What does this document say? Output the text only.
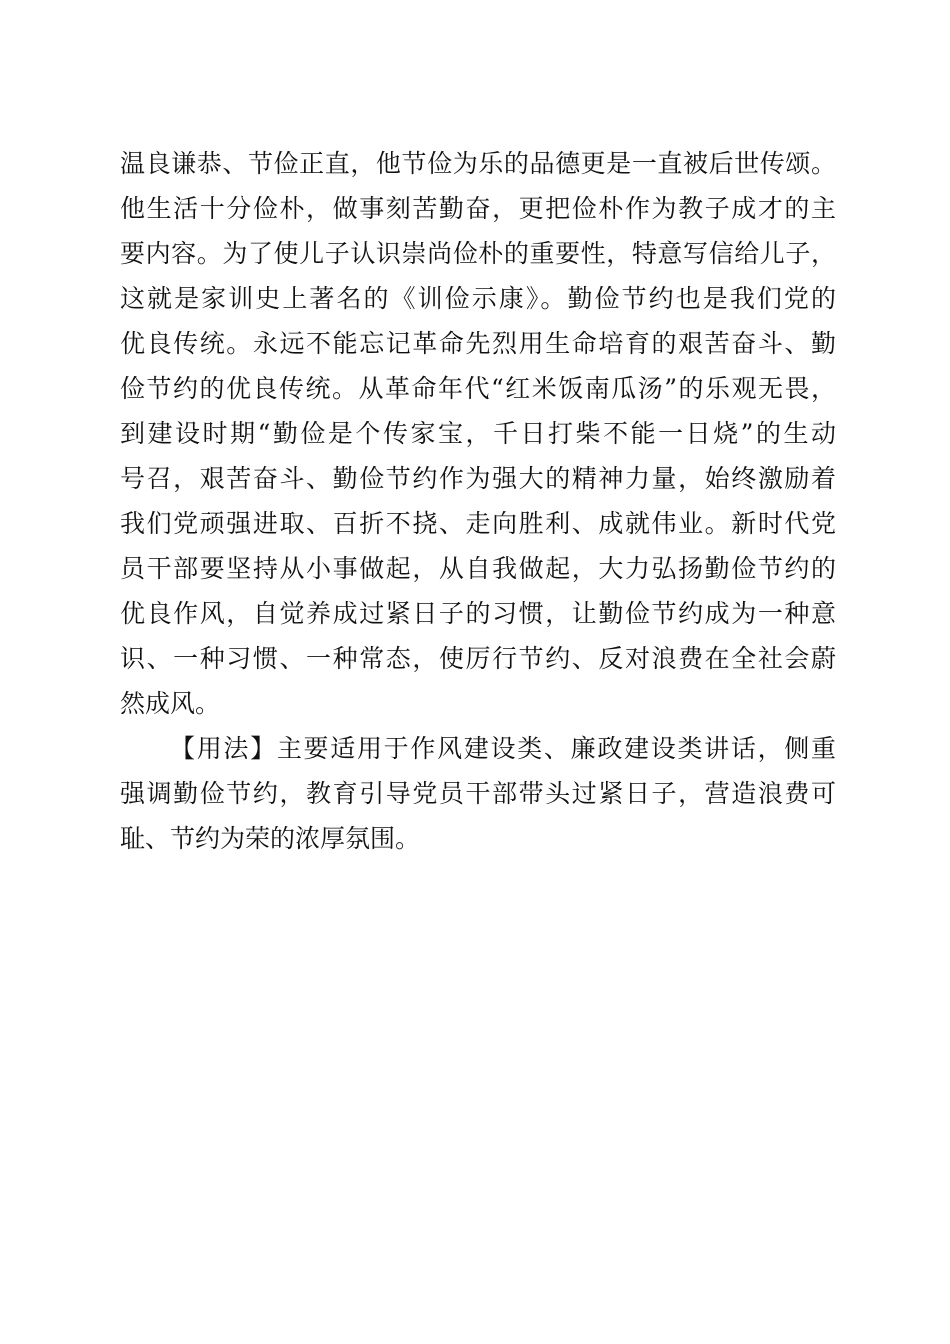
温良谦恭、节俭正直，他节俭为乐的品德更是一直被后世传颂。
他生活十分俭朴，做事刻苦勤奋，更把俭朴作为教子成才的主
要内容。为了使儿子认识崇尚俭朴的重要性，特意写信给儿子，
这就是家训史上著名的《训俭示康》。勤俭节约也是我们党的
优良传统。永远不能忘记革命先烈用生命培育的艰苦奋斗、勤
俭节约的优良传统。从革命年代“红米饭南瓜汤”的乐观无畏，
到建设时期“勤俭是个传家宝，千日打柴不能一日烧”的生动
号召，艰苦奋斗、勤俭节约作为强大的精神力量，始终激励着
我们党顽强进取、百折不挠、走向胜利、成就伟业。新时代党
员干部要坚持从小事做起，从自我做起，大力弘扬勤俭节约的
优良作风，自觉养成过紧日子的习惯，让勤俭节约成为一种意
识、一种习惯、一种常态，使厉行节约、反对浪费在全社会蔚
然成风。
【用法】主要适用于作风建设类、廉政建设类讲话，侧重
强调勤俭节约，教育引导党员干部带头过紧日子，营造浪费可
耻、节约为荣的浓厚氛围。
